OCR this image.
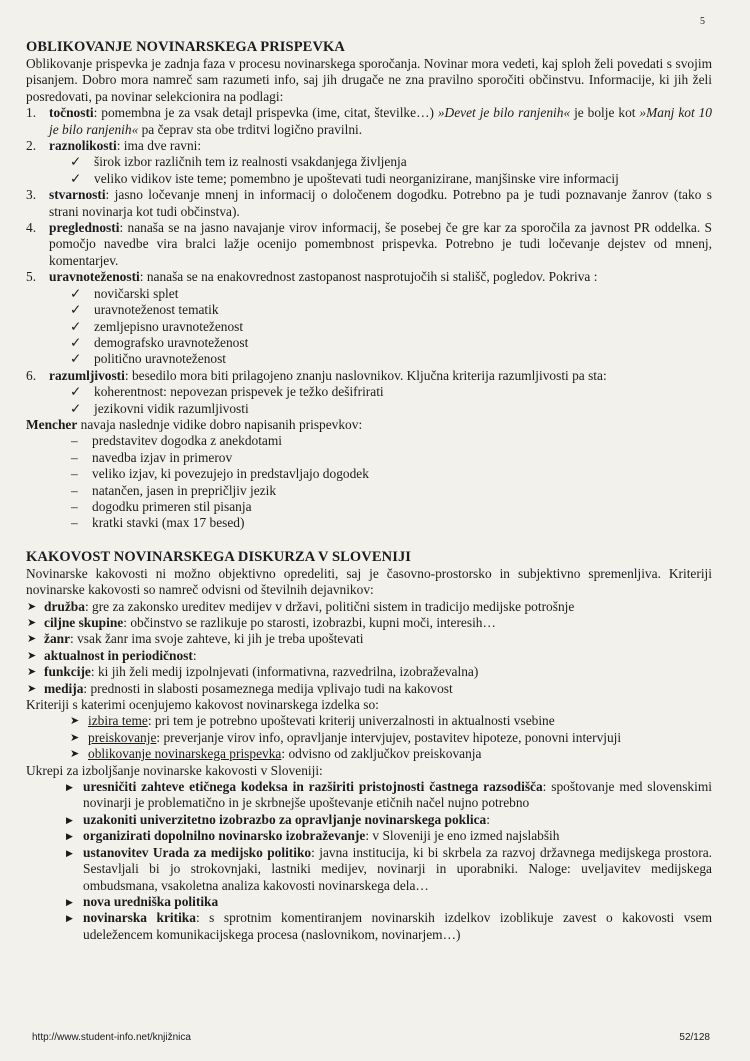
5
OBLIKOVANJE NOVINARSKEGA PRISPEVKA

Oblikovanje prispevka je zadnja faza v procesu novinarskega sporočanja. Novinar mora vedeti, kaj sploh želi povedati s svojim pisanjem. Dobro mora namreč sam razumeti info, saj jih drugače ne zna pravilno sporočiti občinstvu. Informacije, ki jih želi posredovati, pa novinar selekcionira na podlagi:

1. točnosti: pomembna je za vsak detajl prispevka (ime, citat, številke…) »Devet je bilo ranjenih« je bolje kot »Manj kot 10 je bilo ranjenih« pa čeprav sta obe trditvi logično pravilni.
2. raznolikosti: ima dve ravni:
✓ širok izbor različnih tem iz realnosti vsakdanjega življenja
✓ veliko vidikov iste teme; pomembno je upoštevati tudi neorganizirane, manjšinske vire informacij
3. stvarnosti: jasno ločevanje mnenj in informacij o določenem dogodku. Potrebno pa je tudi poznavanje žanrov (tako s strani novinarja kot tudi občinstva).
4. preglednosti: nanaša se na jasno navajanje virov informacij, še posebej če gre kar za sporočila za javnost PR oddelka. S pomočjo navedbe vira bralci lažje ocenijo pomembnost prispevka. Potrebno je tudi ločevanje dejstev od mnenj, komentarjev.
5. uravnoteženosti: nanaša se na enakovrednost zastopanost nasprotujočih si stališč, pogledov. Pokriva :
✓ novičarski splet
✓ uravnoteženost tematik
✓ zemljepisno uravnoteženost
✓ demografsko uravnoteženost
✓ politično uravnoteženost
6. razumljivosti: besedilo mora biti prilagojeno znanju naslovnikov. Ključna kriterija razumljivosti pa sta:
✓ koherentnost: nepovezan prispevek je težko dešifrirati
✓ jezikovni vidik razumljivosti

Mencher navaja naslednje vidike dobro napisanih prispevkov:

– predstavitev dogodka z anekdotami
– navedba izjav in primerov
– veliko izjav, ki povezujejo in predstavljajo dogodek
– natančen, jasen in prepričljiv jezik
– dogodku primeren stil pisanja
– kratki stavki (max 17 besed)
KAKOVOST NOVINARSKEGA DISKURZA V SLOVENIJI

Novinarske kakovosti ni možno objektivno opredeliti, saj je časovno-prostorsko in subjektivno spremenljiva. Kriteriji novinarske kakovosti so namreč odvisni od številnih dejavnikov:

➤ družba: gre za zakonsko ureditev medijev v državi, politični sistem in tradicijo medijske potrošnje
➤ ciljne skupine: občinstvo se razlikuje po starosti, izobrazbi, kupni moči, interesih…
➤ žanr: vsak žanr ima svoje zahteve, ki jih je treba upoštevati
➤ aktualnost in periodičnost:
➤ funkcije: ki jih želi medij izpolnjevati (informativna, razvedrilna, izobraževalna)
➤ medija: prednosti in slabosti posameznega medija vplivajo tudi na kakovost

Kriteriji s katerimi ocenjujemo kakovost novinarskega izdelka so:

➤ izbira teme: pri tem je potrebno upoštevati kriterij univerzalnosti in aktualnosti vsebine
➤ preiskovanje: preverjanje virov info, opravljanje intervjujev, postavitev hipoteze, ponovni intervjuji
➤ oblikovanje novinarskega prispevka: odvisno od zaključkov preiskovanja

Ukrepi za izboljšanje novinarske kakovosti v Sloveniji:

▶ uresničiti zahteve etičnega kodeksa in razširiti pristojnosti častnega razsodišča: spoštovanje med slovenskimi novinarji je problematično in je skrbnejše upoštevanje etičnih načel nujno potrebno
▶ uzakoniti univerzitetno izobrazbo za opravljanje novinarskega poklica:
▶ organizirati dopolnilno novinarsko izobraževanje: v Sloveniji je eno izmed najslabših
▶ ustanovitev Urada za medijsko politiko: javna institucija, ki bi skrbela za razvoj državnega medijskega prostora. Sestavljali bi jo strokovnjaki, lastniki medijev, novinarji in uporabniki. Naloge: uveljavitev medijskega ombudsmana, vsakoletna analiza kakovosti novinarskega dela…
▶ nova uredniška politika
▶ novinarska kritika: s sprotnim komentiranjem novinarskih izdelkov izoblikuje zavest o kakovosti vsem udeležencem komunikacijskega procesa (naslovnikom, novinarjem…)
http://www.student-info.net/knjižnica	52/128
